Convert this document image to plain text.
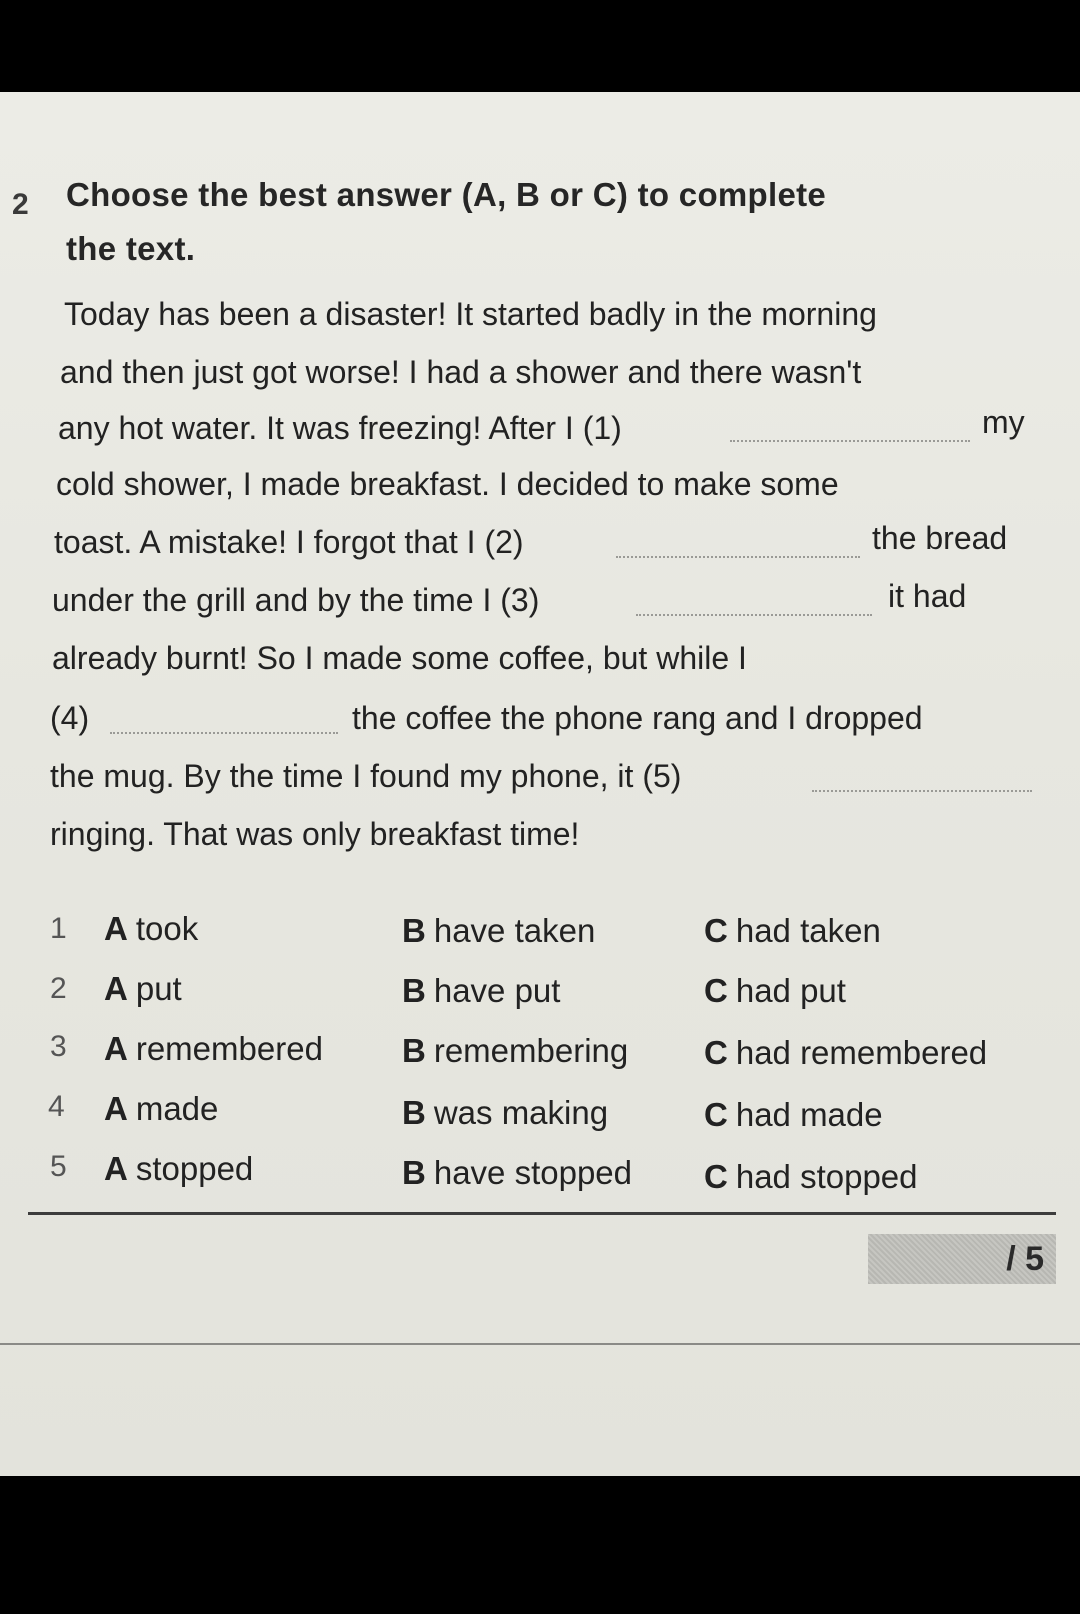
2 Choose the best answer (A, B or C) to complete
the text.
Today has been a disaster! It started badly in the morning
and then just got worse! I had a shower and there wasn't
any hot water. It was freezing! After I (1)	my
cold shower, I made breakfast. I decided to make some
toast. A mistake! I forgot that I (2)	the bread
under the grill and by the time I (3)	it had
already burnt! So I made some coffee, but while I
(4)	the coffee the phone rang and I dropped
the mug. By the time I found my phone, it (5)
ringing. That was only breakfast time!
1 A took	B have taken	C had taken
2 A put	B have put	C had put
3 A remembered B remembering C had remembered
4 A made	B was making	C had made
5 A stopped	B have stopped C had stopped
/ 5
